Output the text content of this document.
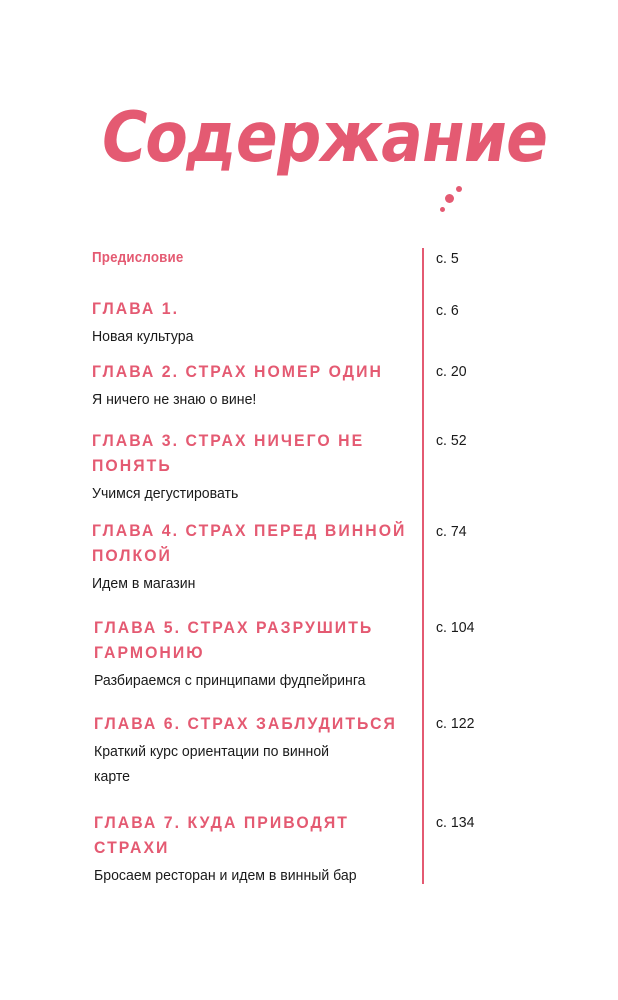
Содержание
Предисловие	с. 5
ГЛАВА 1.
Новая культура
с. 6
ГЛАВА 2. СТРАХ НОМЕР ОДИН
Я ничего не знаю о вине!
с. 20
ГЛАВА 3. СТРАХ НИЧЕГО НЕ
ПОНЯТЬ
Учимся дегустировать
с. 52
ГЛАВА 4. СТРАХ ПЕРЕД ВИННОЙ
ПОЛКОЙ
Идем в магазин
с. 74
ГЛАВА 5. СТРАХ РАЗРУШИТЬ
ГАРМОНИЮ
Разбираемся с принципами фудпейринга
с. 104
ГЛАВА 6. СТРАХ ЗАБЛУДИТЬСЯ
Краткий курс ориентации по винной
карте
с. 122
ГЛАВА 7. КУДА ПРИВОДЯТ
СТРАХИ
Бросаем ресторан и идем в винный бар
с. 134
